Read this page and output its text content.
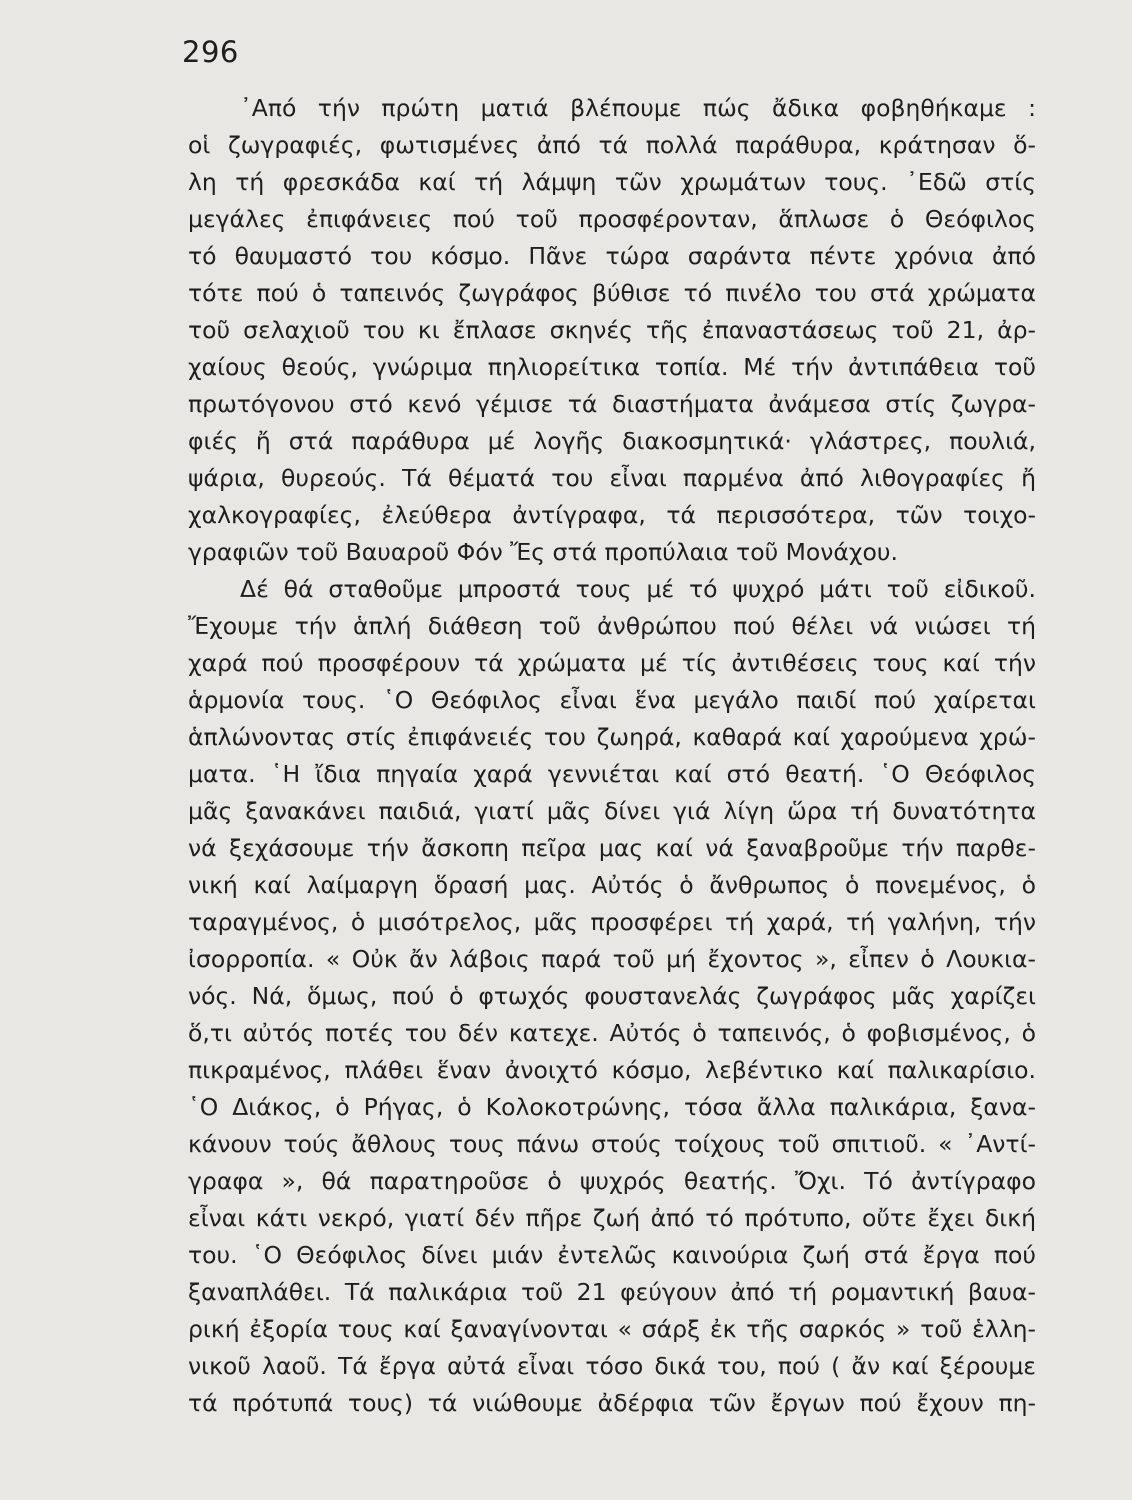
296
᾿Από τήν πρώτη ματιά βλέπουμε πώς ἄδικα φοβηθήκαμε :
οἱ ζωγραφιές, φωτισμένες ἀπό τά πολλά παράθυρα, κράτησαν ὅ-
λη τή φρεσκάδα καί τή λάμψη τῶν χρωμάτων τους. ᾿Εδῶ στίς
μεγάλες ἐπιφάνειες πού τοῦ προσφέρονταν, ἅπλωσε ὁ Θεόφιλος
τό θαυμαστό του κόσμο. Πᾶνε τώρα σαράντα πέντε χρόνια ἀπό
τότε πού ὁ ταπεινός ζωγράφος βύθισε τό πινέλο του στά χρώματα
τοῦ σελαχιοῦ του κι ἔπλασε σκηνές τῆς ἐπαναστάσεως τοῦ 21, ἀρ-
χαίους θεούς, γνώριμα πηλιορείτικα τοπία. Μέ τήν ἀντιπάθεια τοῦ
πρωτόγονου στό κενό γέμισε τά διαστήματα ἀνάμεσα στίς ζωγρα-
φιές ἤ στά παράθυρα μέ λογῆς διακοσμητικά· γλάστρες, πουλιά,
ψάρια, θυρεούς. Τά θέματά του εἶναι παρμένα ἀπό λιθογραφίες ἤ
χαλκογραφίες, ἐλεύθερα ἀντίγραφα, τά περισσότερα, τῶν τοιχο-
γραφιῶν τοῦ Βαυαροῦ Φόν Ἔς στά προπύλαια τοῦ Μονάχου.
Δέ θά σταθοῦμε μπροστά τους μέ τό ψυχρό μάτι τοῦ εἰδικοῦ.
Ἔχουμε τήν ἁπλή διάθεση τοῦ ἀνθρώπου πού θέλει νά νιώσει τή
χαρά πού προσφέρουν τά χρώματα μέ τίς ἀντιθέσεις τους καί τήν
ἁρμονία τους. ῾Ο Θεόφιλος εἶναι ἕνα μεγάλο παιδί πού χαίρεται
ἁπλώνοντας στίς ἐπιφάνειές του ζωηρά, καθαρά καί χαρούμενα χρώ-
ματα. ῾Η ἴδια πηγαία χαρά γεννιέται καί στό θεατή. ῾Ο Θεόφιλος
μᾶς ξανακάνει παιδιά, γιατί μᾶς δίνει γιά λίγη ὥρα τή δυνατότητα
νά ξεχάσουμε τήν ἄσκοπη πεῖρα μας καί νά ξαναβροῦμε τήν παρθε-
νική καί λαίμαργη ὅρασή μας. Αὐτός ὁ ἄνθρωπος ὁ πονεμένος, ὁ
ταραγμένος, ὁ μισότρελος, μᾶς προσφέρει τή χαρά, τή γαλήνη, τήν
ἰσορροπία. « Οὐκ ἄν λάβοις παρά τοῦ μή ἔχοντος », εἶπεν ὁ Λουκια-
νός. Νά, ὅμως, πού ὁ φτωχός φουστανελάς ζωγράφος μᾶς χαρίζει
ὅ,τι αὐτός ποτές του δέν κατεχε. Αὐτός ὁ ταπεινός, ὁ φοβισμένος, ὁ
πικραμένος, πλάθει ἕναν ἀνοιχτό κόσμο, λεβέντικο καί παλικαρίσιο.
῾Ο Διάκος, ὁ Ρήγας, ὁ Κολοκοτρώνης, τόσα ἄλλα παλικάρια, ξανα-
κάνουν τούς ἄθλους τους πάνω στούς τοίχους τοῦ σπιτιοῦ. « ᾿Αντί-
γραφα », θά παρατηροῦσε ὁ ψυχρός θεατής. Ὄχι. Τό ἀντίγραφο
εἶναι κάτι νεκρό, γιατί δέν πῆρε ζωή ἀπό τό πρότυπο, οὔτε ἔχει δική
του. ῾Ο Θεόφιλος δίνει μιάν ἐντελῶς καινούρια ζωή στά ἔργα πού
ξαναπλάθει. Τά παλικάρια τοῦ 21 φεύγουν ἀπό τή ρομαντική βαυα-
ρική ἐξορία τους καί ξαναγίνονται « σάρξ ἐκ τῆς σαρκός » τοῦ ἑλλη-
νικοῦ λαοῦ. Τά ἔργα αὐτά εἶναι τόσο δικά του, πού ( ἄν καί ξέρουμε
τά πρότυπά τους) τά νιώθουμε ἀδέρφια τῶν ἔργων πού ἔχουν πη-
